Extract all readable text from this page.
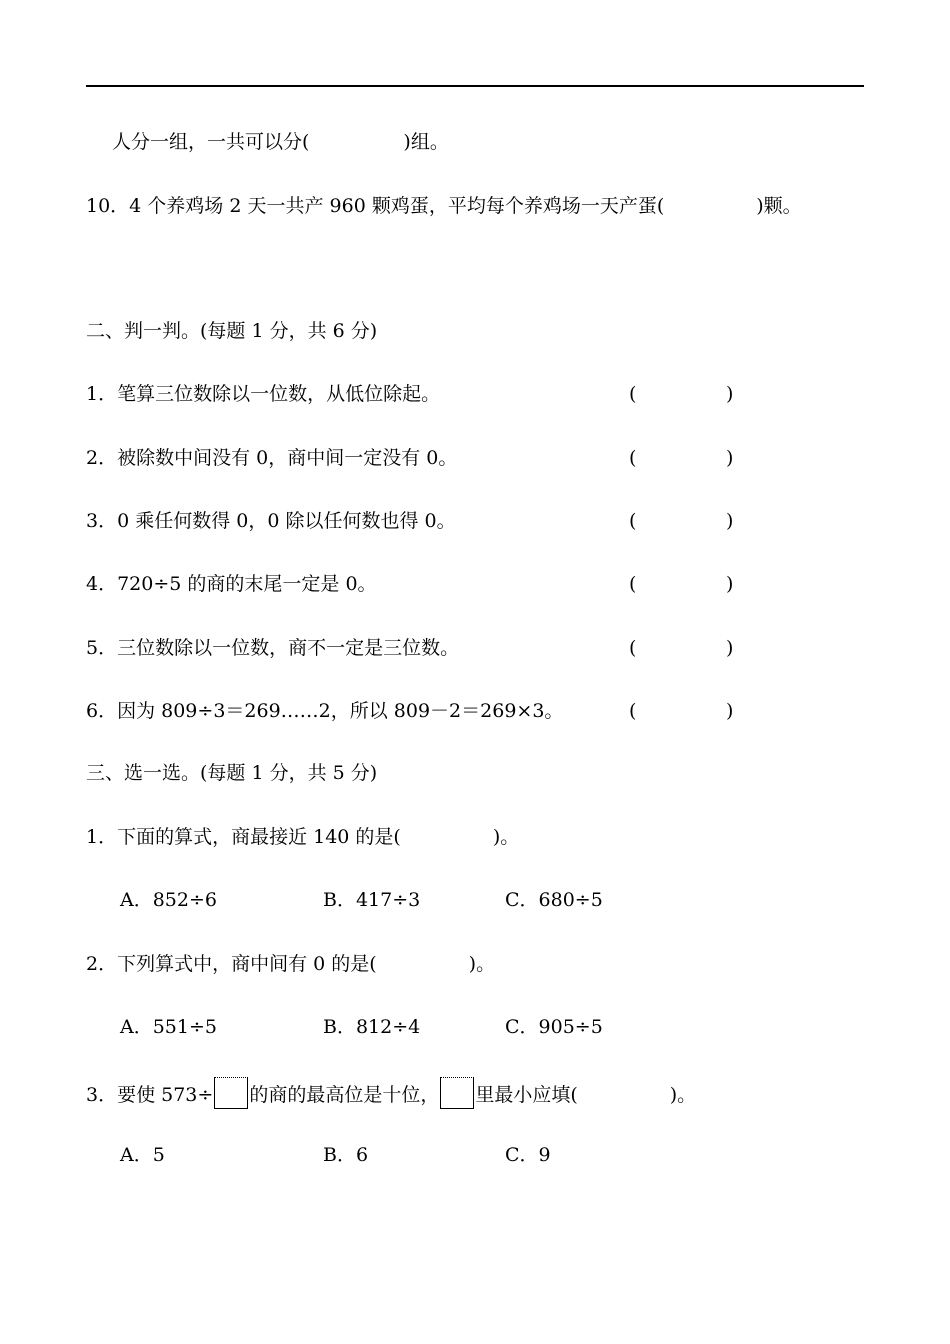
人分一组，一共可以分(	)组。
10．4 个养鸡场 2 天一共产 960 颗鸡蛋，平均每个养鸡场一天产蛋(	)颗。
二、判一判。(每题 1 分，共 6 分)
1．笔算三位数除以一位数，从低位除起。	(	)
2．被除数中间没有 0，商中间一定没有 0。	(	)
3．0 乘任何数得 0，0 除以任何数也得 0。	(	)
4．720÷5 的商的末尾一定是 0。	(	)
5．三位数除以一位数，商不一定是三位数。	(	)
6．因为 809÷3＝269……2，所以 809－2＝269×3。	(	)
三、选一选。(每题 1 分，共 5 分)
1．下面的算式，商最接近 140 的是(	)。
A．852÷6	B．417÷3	C．680÷5
2．下列算式中，商中间有 0 的是(	)。
A．551÷5	B．812÷4	C．905÷5
3．要使 573÷ 的商的最高位是十位， 里最小应填(	)。
A．5	B．6	C．9
